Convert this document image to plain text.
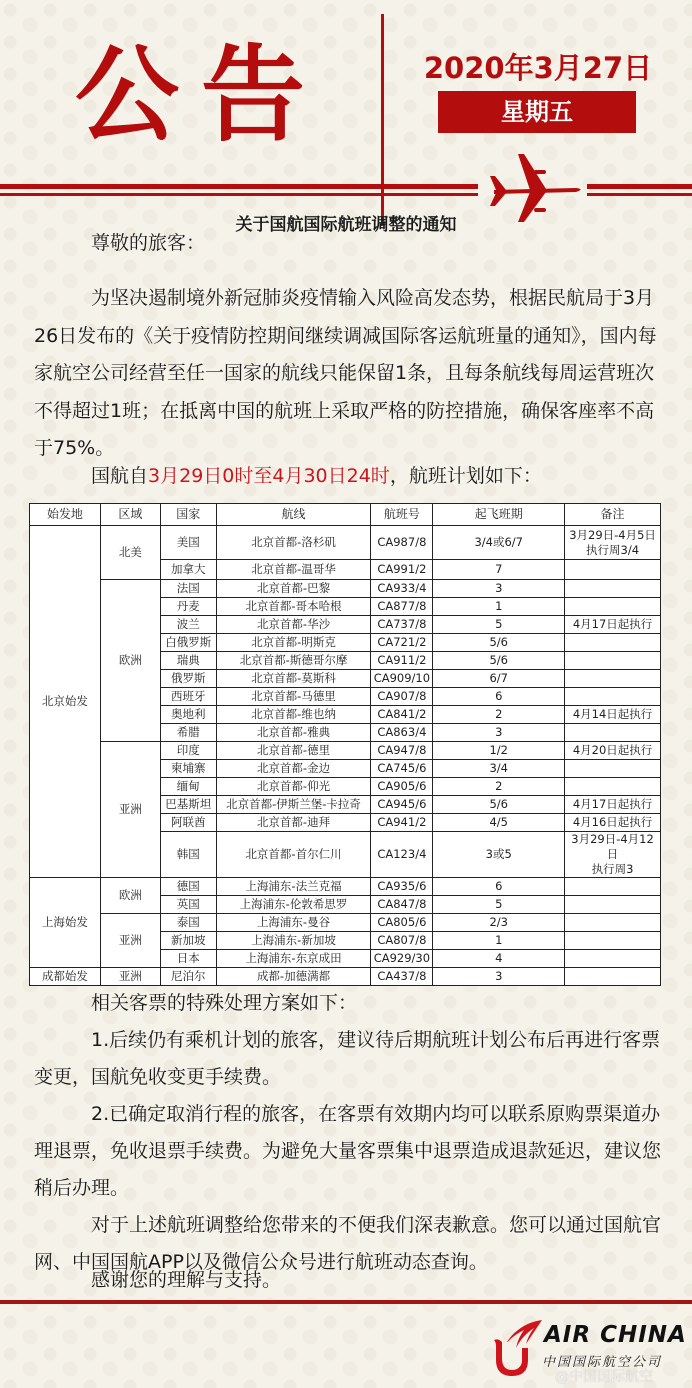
公告	2020年3月27日
星期五
关于国航国际航班调整的通知
尊敬的旅客：
为坚决遏制境外新冠肺炎疫情输入风险高发态势，根据民航局于3月26日发布的《关于疫情防控期间继续调减国际客运航班量的通知》，国内每家航空公司经营至任一国家的航线只能保留1条，且每条航线每周运营班次不得超过1班；在抵离中国的航班上采取严格的防控措施，确保客座率不高于75%。
国航自3月29日0时至4月30日24时，航班计划如下：
始发地	区域	国家	航线	航班号	起飞班期	备注
北京始发	北美	美国	北京首都-洛杉矶	CA987/8	3/4或6/7	3月29日-4月5日
执行周3/4

		加拿大	北京首都-温哥华	CA991/2	7	
	欧洲	法国	北京首都-巴黎	CA933/4	3	
		丹麦	北京首都-哥本哈根	CA877/8	1	
		波兰	北京首都-华沙	CA737/8	5	4月17日起执行
		白俄罗斯	北京首都-明斯克	CA721/2	5/6	
		瑞典	北京首都-斯德哥尔摩	CA911/2	5/6	
		俄罗斯	北京首都-莫斯科	CA909/10	6/7	
		西班牙	北京首都-马德里	CA907/8	6	
		奥地利	北京首都-维也纳	CA841/2	2	4月14日起执行
		希腊	北京首都-雅典	CA863/4	3	
	亚洲	印度	北京首都-德里	CA947/8	1/2	4月20日起执行
		柬埔寨	北京首都-金边	CA745/6	3/4	
		缅甸	北京首都-仰光	CA905/6	2	
		巴基斯坦	北京首都-伊斯兰堡-卡拉奇	CA945/6	5/6	4月17日起执行
		阿联酋	北京首都-迪拜	CA941/2	4/5	4月16日起执行
		韩国	北京首都-首尔仁川	CA123/4	3或5	3月29日-4月12日
执行周3

上海始发	欧洲	德国	上海浦东-法兰克福	CA935/6	6	
		英国	上海浦东-伦敦希思罗	CA847/8	5	
	亚洲	泰国	上海浦东-曼谷	CA805/6	2/3	
		新加坡	上海浦东-新加坡	CA807/8	1	
		日本	上海浦东-东京成田	CA929/30	4	
成都始发	亚洲	尼泊尔	成都-加德满都	CA437/8	3	
相关客票的特殊处理方案如下：
1.后续仍有乘机计划的旅客，建议待后期航班计划公布后再进行客票变更，国航免收变更手续费。
2.已确定取消行程的旅客，在客票有效期内均可以联系原购票渠道办理退票，免收退票手续费。为避免大量客票集中退票造成退款延迟，建议您稍后办理。
对于上述航班调整给您带来的不便我们深表歉意。您可以通过国航官网、中国国航APP以及微信公众号进行航班动态查询。
感谢您的理解与支持。
AIR CHINA
中国国际航空公司
@中国国际航空
